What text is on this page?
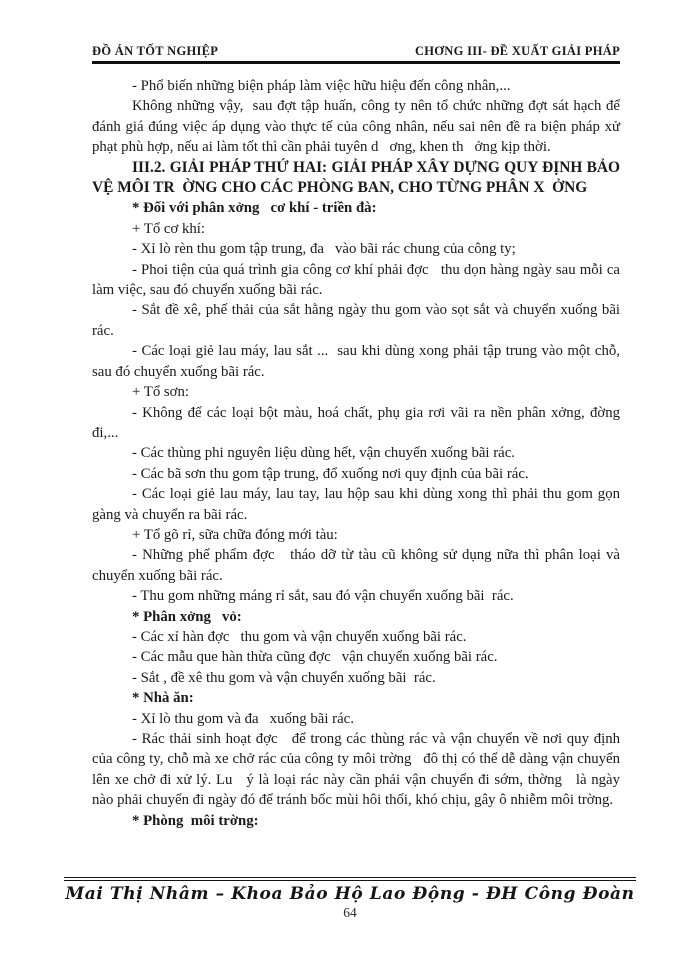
ĐỒ ÁN TỐT NGHIỆP	CHƠNG III- ĐỀ XUẤT GIẢI PHÁP

- Phổ biến những biện pháp làm việc hữu hiệu đến công nhân,...

Không những vậy,  sau đợt tập huấn, công ty nên tổ chức những đợt sát hạch để đánh giá đúng việc áp dụng vào thực tế của công nhân, nếu sai nên đề ra biện pháp xử  phạt phù hợp, nếu ai làm tốt thì cần phải tuyên d   ơng, khen th   ởng kịp thời.

III.2. GIẢI PHÁP THỨ HAI: GIẢI PHÁP XÂY DỰNG QUY ĐỊNH BẢO VỆ MÔI TR  ỜNG CHO CÁC PHÒNG BAN, CHO TỪNG PHÂN X  ỞNG

* Đối với phân xởng   cơ khí - triền đà:

+ Tổ cơ khí:

- Xỉ lò rèn thu gom tập trung, đa   vào bãi rác chung của công ty;

- Phoi tiện của quá trình gia công cơ khí phải đợc   thu dọn hàng ngày sau mỗi ca làm việc, sau đó chuyển xuống bãi rác.

- Sắt đề xê, phế thải của sắt hằng ngày thu gom vào sọt sắt và chuyển xuống bãi rác.

- Các loại giẻ lau máy, lau sắt ...  sau khi dùng xong phải tập trung vào một chỗ, sau đó chuyển xuống bãi rác.

+ Tổ sơn:

- Không để các loại bột màu, hoá chất, phụ gia rơi vãi ra nền phân xởng, đờng   đi,...

- Các thùng phi nguyên liệu dùng hết, vận chuyển xuống bãi rác.

- Các bã sơn thu gom tập trung, đổ xuống nơi quy định của bãi rác.

- Các loại giẻ lau máy, lau tay, lau hộp sau khi dùng xong thì phải thu gom gọn gàng và chuyển ra bãi rác.

+ Tổ gõ rỉ, sữa chữa đóng mới tàu:

- Những phế phẩm đợc   tháo dỡ từ tàu cũ không sử dụng nữa thì phân loại và chuyển xuống bãi rác.

- Thu gom những máng rỉ sắt, sau đó vận chuyển xuống bãi  rác.

* Phân xởng   vỏ:

- Các xỉ hàn đợc   thu gom và vận chuyển xuống bãi rác.

- Các mẫu que hàn thừa cũng đợc   vận chuyển xuống bãi rác.

- Sắt , đề xê thu gom và vận chuyển xuống bãi  rác.

* Nhà ăn:

- Xỉ lò thu gom và đa   xuống bãi rác.

- Rác thải sinh hoạt đợc   để trong các thùng rác và vận chuyển về nơi quy định của công ty, chỗ mà xe chở rác của công ty môi trờng   đô thị có thể dễ dàng vận chuyển lên xe chở đi xử lý. Lu   ý là loại rác này cần phải vận chuyển đi sớm, thờng   là ngày nào phải chuyển đi ngày đó để tránh bốc mùi hôi thối, khó chịu, gây ô nhiễm môi trờng.

* Phòng  môi trờng:

Mai Thị Nhâm – Khoa Bảo Hộ Lao Động - ĐH Công Đoàn
64
